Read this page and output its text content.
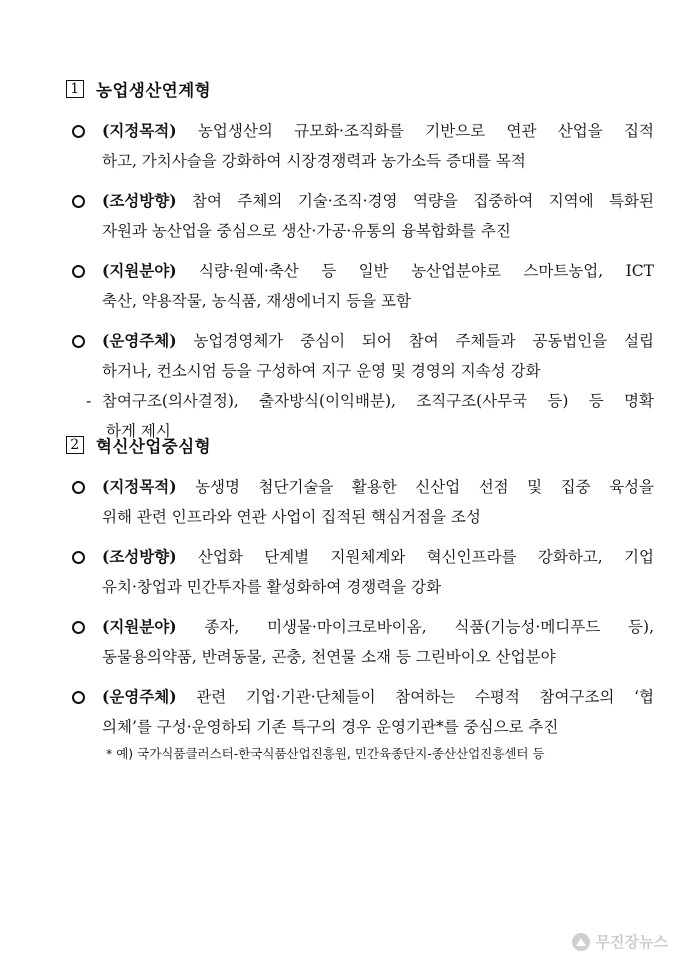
1 농업생산연계형
(지정목적) 농업생산의 규모화·조직화를 기반으로 연관 산업을 집적
하고, 가치사슬을 강화하여 시장경쟁력과 농가소득 증대를 목적
(조성방향) 참여 주체의 기술·조직·경영 역량을 집중하여 지역에 특화된
자원과 농산업을 중심으로 생산·가공·유통의 융복합화를 추진
(지원분야) 식량·원예·축산 등 일반 농산업분야로 스마트농업, ICT
축산, 약용작물, 농식품, 재생에너지 등을 포함
(운영주체) 농업경영체가 중심이 되어 참여 주체들과 공동법인을 설립
하거나, 컨소시엄 등을 구성하여 지구 운영 및 경영의 지속성 강화
- 참여구조(의사결정), 출자방식(이익배분), 조직구조(사무국 등) 등 명확
하게 제시
2 혁신산업중심형
(지정목적) 농생명 첨단기술을 활용한 신산업 선점 및 집중 육성을
위해 관련 인프라와 연관 사업이 집적된 핵심거점을 조성
(조성방향) 산업화 단계별 지원체계와 혁신인프라를 강화하고, 기업
유치·창업과 민간투자를 활성화하여 경쟁력을 강화
(지원분야) 종자, 미생물·마이크로바이옴, 식품(기능성·메디푸드 등),
동물용의약품, 반려동물, 곤충, 천연물 소재 등 그린바이오 산업분야
(운영주체) 관련 기업·기관·단체들이 참여하는 수평적 참여구조의 ‘협
의체’를 구성·운영하되 기존 특구의 경우 운영기관*를 중심으로 추진
* 예) 국가식품클러스터-한국식품산업진흥원, 민간육종단지-종산산업진흥센터 등
무진장뉴스
